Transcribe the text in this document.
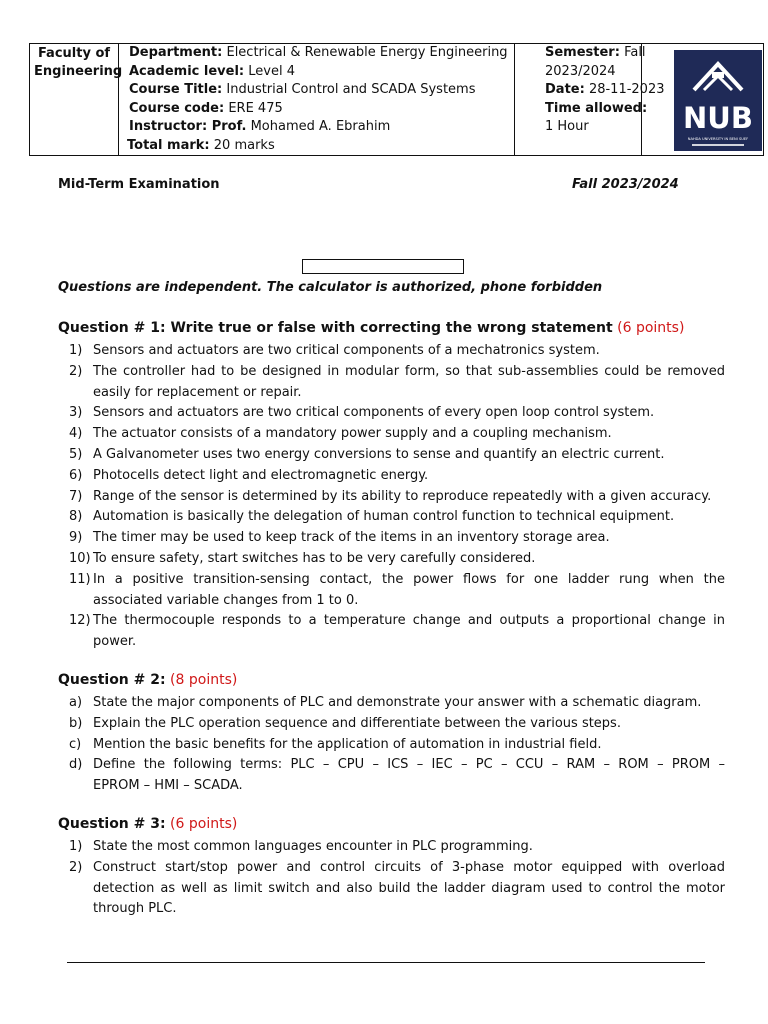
Faculty of Engineering
Department: Electrical & Renewable Energy Engineering
Academic level: Level 4
Course Title: Industrial Control and SCADA Systems
Course code: ERE 475
Instructor: Prof. Mohamed A. Ebrahim
Total mark: 20 marks
Semester: Fall
2023/2024
Date: 28-11-2023
Time allowed:
1 Hour	NUB
NAHDA UNIVERSITY IN BENI SUEF
Mid-Term Examination	Fall 2023/2024
Questions are independent. The calculator is authorized, phone forbidden
Question # 1: Write true or false with correcting the wrong statement (6 points)
1) Sensors and actuators are two critical components of a mechatronics system.
2) The controller had to be designed in modular form, so that sub-assemblies could be removed
easily for replacement or repair.
3) Sensors and actuators are two critical components of every open loop control system.
4) The actuator consists of a mandatory power supply and a coupling mechanism.
5) A Galvanometer uses two energy conversions to sense and quantify an electric current.
6) Photocells detect light and electromagnetic energy.
7) Range of the sensor is determined by its ability to reproduce repeatedly with a given accuracy.
8) Automation is basically the delegation of human control function to technical equipment.
9) The timer may be used to keep track of the items in an inventory storage area.
10) To ensure safety, start switches has to be very carefully considered.
11) In a positive transition-sensing contact, the power flows for one ladder rung when the
associated variable changes from 1 to 0.
12) The thermocouple responds to a temperature change and outputs a proportional change in
power.
Question # 2: (8 points)
a) State the major components of PLC and demonstrate your answer with a schematic diagram.
b) Explain the PLC operation sequence and differentiate between the various steps.
c) Mention the basic benefits for the application of automation in industrial field.
d) Define the following terms: PLC – CPU – ICS – IEC – PC – CCU – RAM – ROM – PROM –
EPROM – HMI – SCADA.
Question # 3: (6 points)
1) State the most common languages encounter in PLC programming.
2) Construct start/stop power and control circuits of 3-phase motor equipped with overload
detection as well as limit switch and also build the ladder diagram used to control the motor
through PLC.
